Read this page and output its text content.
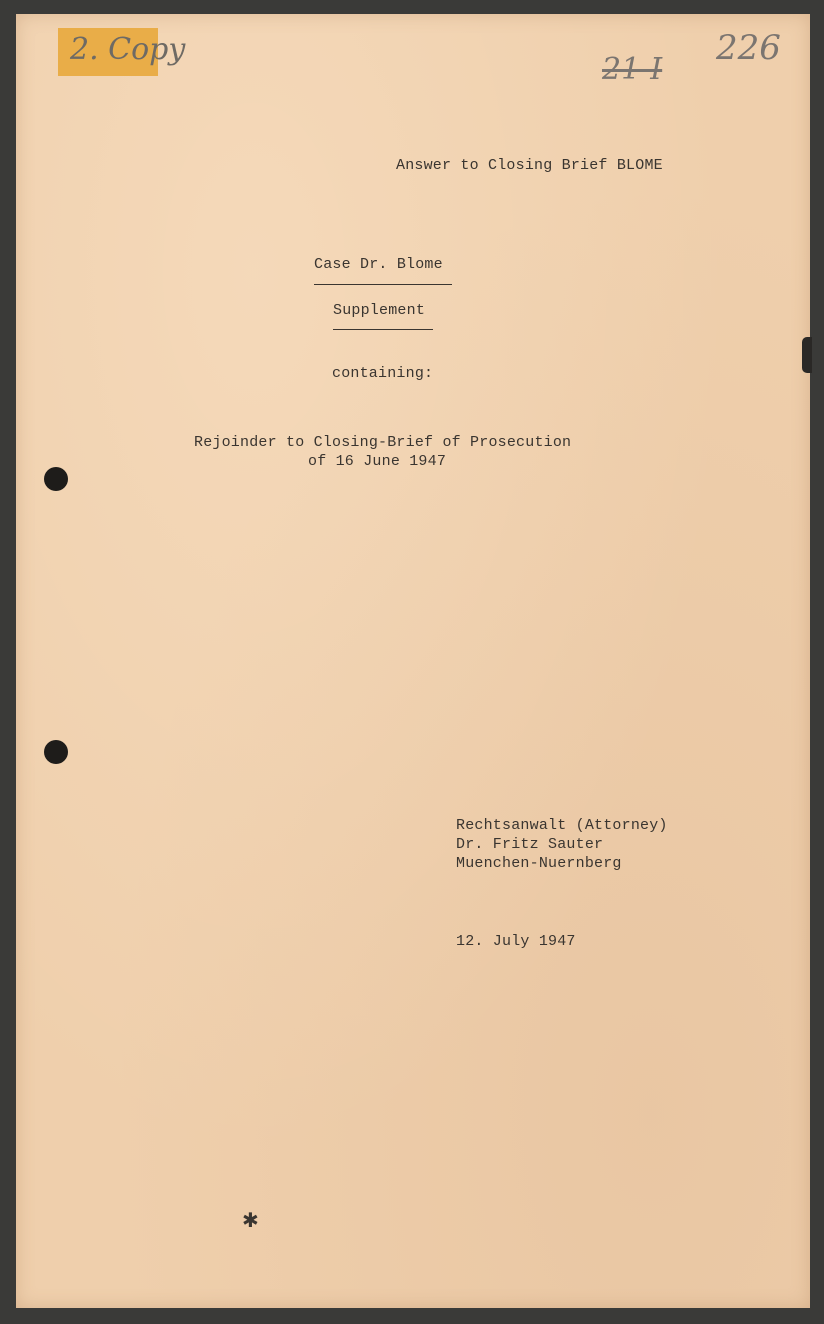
2. Copy
21-I
226
Answer to Closing Brief BLOME
Case Dr. Blome
Supplement
containing:
Rejoinder to Closing-Brief of Prosecution
of 16 June 1947
Rechtsanwalt (Attorney)
Dr. Fritz Sauter
Muenchen-Nuernberg
12. July 1947
✱
